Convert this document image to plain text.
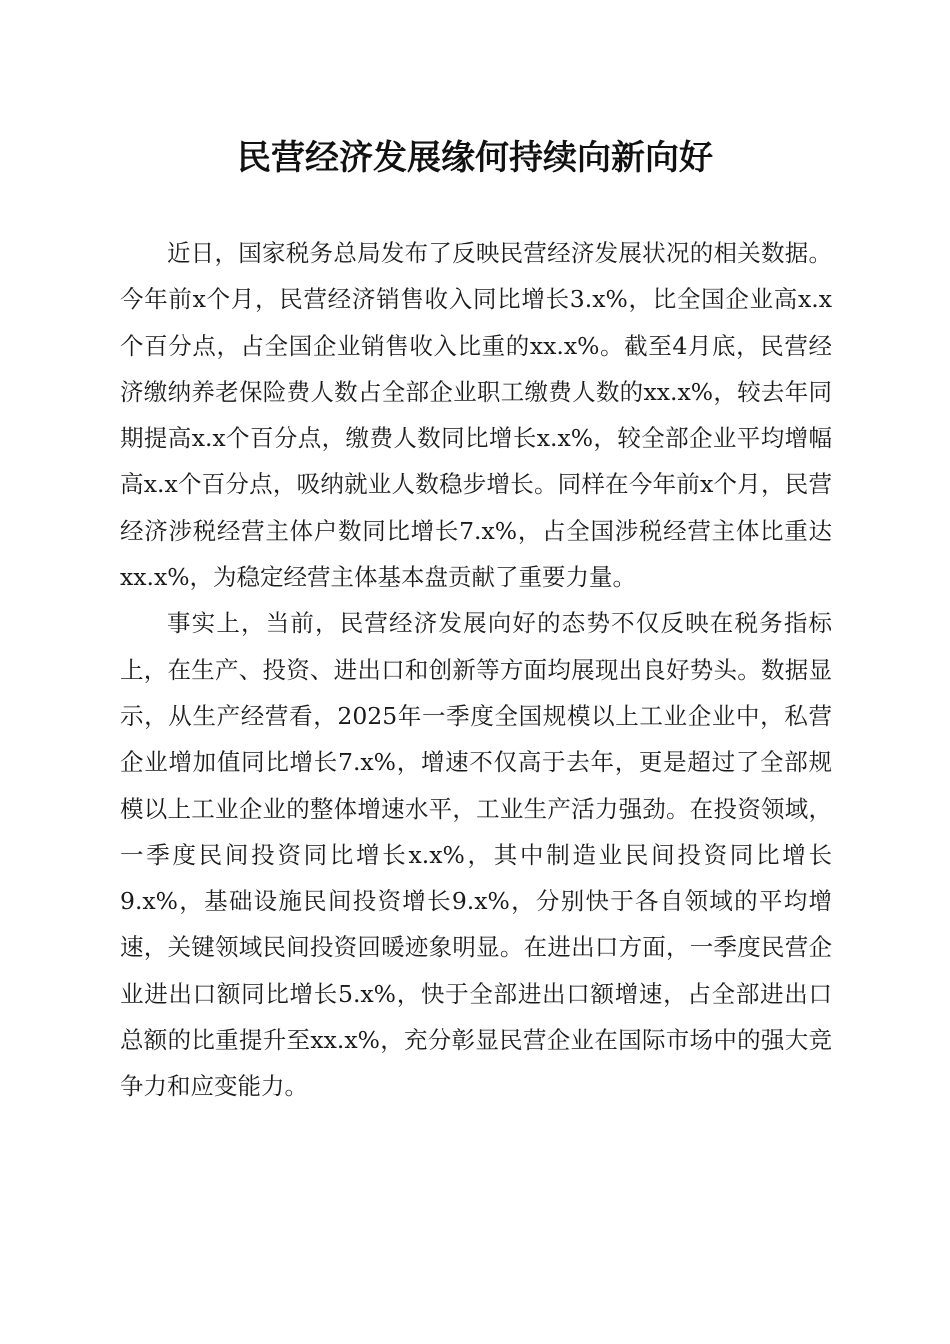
民营经济发展缘何持续向新向好

近日，国家税务总局发布了反映民营经济发展状况的相关数据。今年前x个月，民营经济销售收入同比增长3.x%，比全国企业高x.x个百分点，占全国企业销售收入比重的xx.x%。截至4月底，民营经济缴纳养老保险费人数占全部企业职工缴费人数的xx.x%，较去年同期提高x.x个百分点，缴费人数同比增长x.x%，较全部企业平均增幅高x.x个百分点，吸纳就业人数稳步增长。同样在今年前x个月，民营经济涉税经营主体户数同比增长7.x%，占全国涉税经营主体比重达xx.x%，为稳定经营主体基本盘贡献了重要力量。

事实上，当前，民营经济发展向好的态势不仅反映在税务指标上，在生产、投资、进出口和创新等方面均展现出良好势头。数据显示，从生产经营看，2025年一季度全国规模以上工业企业中，私营企业增加值同比增长7.x%，增速不仅高于去年，更是超过了全部规模以上工业企业的整体增速水平，工业生产活力强劲。在投资领域，一季度民间投资同比增长x.x%，其中制造业民间投资同比增长9.x%，基础设施民间投资增长9.x%，分别快于各自领域的平均增速，关键领域民间投资回暖迹象明显。在进出口方面，一季度民营企业进出口额同比增长5.x%，快于全部进出口额增速，占全部进出口总额的比重提升至xx.x%，充分彰显民营企业在国际市场中的强大竞争力和应变能力。
